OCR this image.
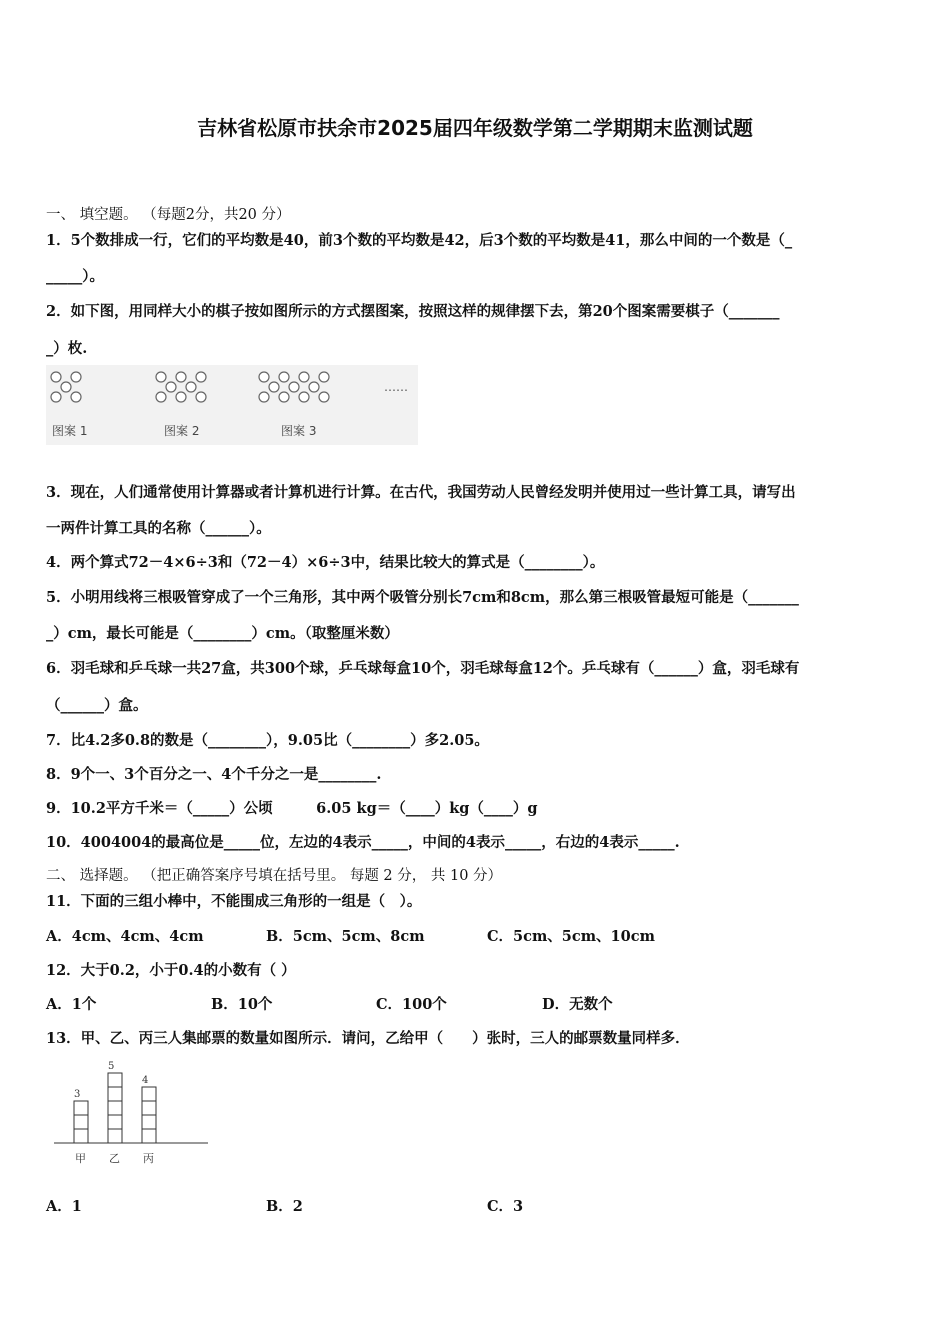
吉林省松原市扶余市2025届四年级数学第二学期期末监测试题
一、 填空题。 （每题2分，共20 分）
1．5个数排成一行，它们的平均数是40，前3个数的平均数是42，后3个数的平均数是41，那么中间的一个数是（_
_____）。
2．如下图，用同样大小的棋子按如图所示的方式摆图案，按照这样的规律摆下去，第20个图案需要棋子（_______
_）枚.
……
图案 1	图案 2	图案 3
3．现在，人们通常使用计算器或者计算机进行计算。在古代，我国劳动人民曾经发明并使用过一些计算工具，请写出
一两件计算工具的名称（______）。
4．两个算式72－4×6÷3和（72－4）×6÷3中，结果比较大的算式是（________）。
5．小明用线将三根吸管穿成了一个三角形，其中两个吸管分别长7cm和8cm，那么第三根吸管最短可能是（_______
_）cm，最长可能是（________）cm。（取整厘米数）
6．羽毛球和乒乓球一共27盒，共300个球，乒乓球每盒10个，羽毛球每盒12个。乒乓球有（______）盒，羽毛球有
（______）盒。
7．比4.2多0.8的数是（________），9.05比（________）多2.05。
8．9个一、3个百分之一、4个千分之一是________.
9．10.2平方千米＝（_____）公顷　　　6.05 kg＝（____）kg（____）g
10．4004004的最高位是_____位，左边的4表示_____，中间的4表示_____，右边的4表示_____.
二、 选择题。 （把正确答案序号填在括号里。 每题 2 分， 共 10 分）
11．下面的三组小棒中，不能围成三角形的一组是（　）。
A．4cm、4cm、4cm	B．5cm、5cm、8cm	C．5cm、5cm、10cm
12．大于0.2，小于0.4的小数有（ ）
A．1个	B．10个	C．100个	D．无数个
13．甲、乙、丙三人集邮票的数量如图所示．请问，乙给甲（　　）张时，三人的邮票数量同样多．
3
甲
5
乙
4
丙
A．1	B．2	C．3
